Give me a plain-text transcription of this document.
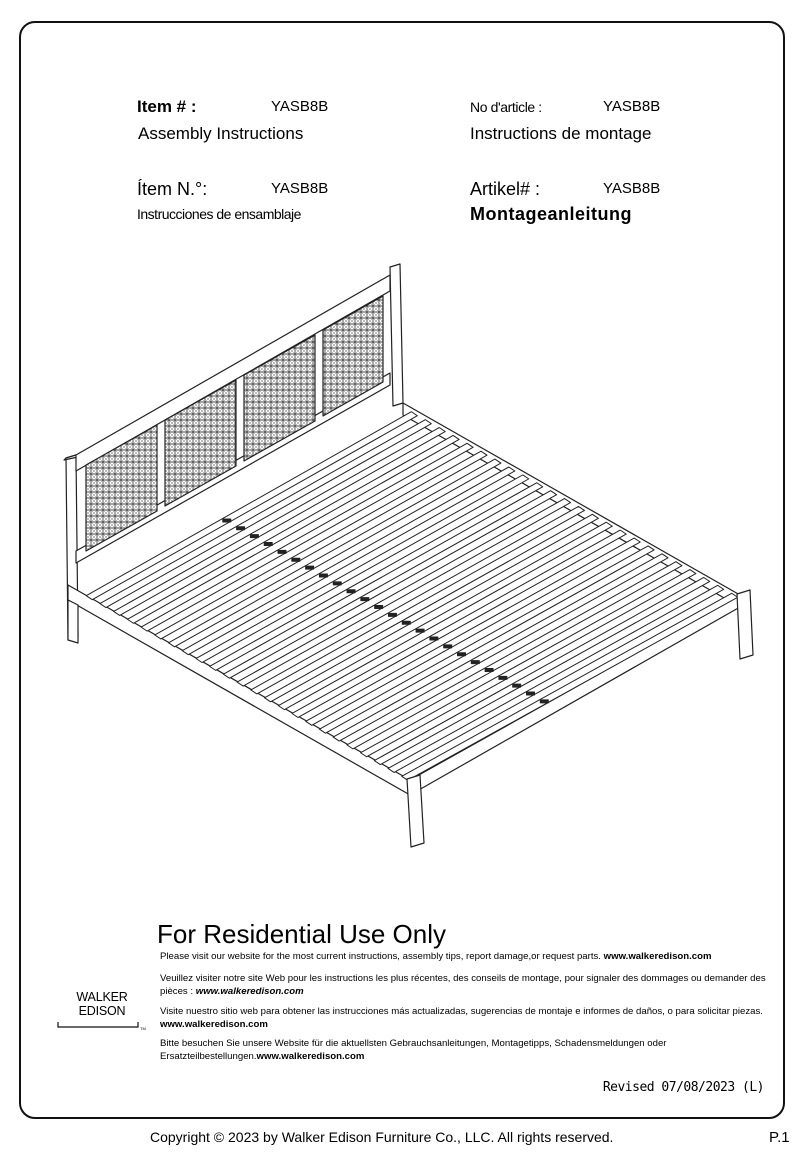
Item # :	YASB8B
Assembly Instructions
No d'article :	YASB8B
Instructions de montage
Ítem N.°:	YASB8B
Instrucciones de ensamblaje
Artikel# :	YASB8B
Montageanleitung
For Residential Use Only
Please visit our website for the most current instructions, assembly tips, report damage,or request parts. www.walkeredison.com
Veuillez visiter notre site Web pour les instructions les plus récentes, des conseils de montage, pour signaler des dommages ou demander des pièces : www.walkeredison.com
Visite nuestro sitio web para obtener las instrucciones más actualizadas, sugerencias de montaje e informes de daños, o para solicitar piezas. www.walkeredison.com
Bitte besuchen Sie unsere Website für die aktuellsten Gebrauchsanleitungen, Montagetipps, Schadensmeldungen oder Ersatzteilbestellungen.www.walkeredison.com
WALKER EDISON
TM
Revised 07/08/2023 (L)
Copyright © 2023 by Walker Edison Furniture Co., LLC. All rights reserved.	P.1
